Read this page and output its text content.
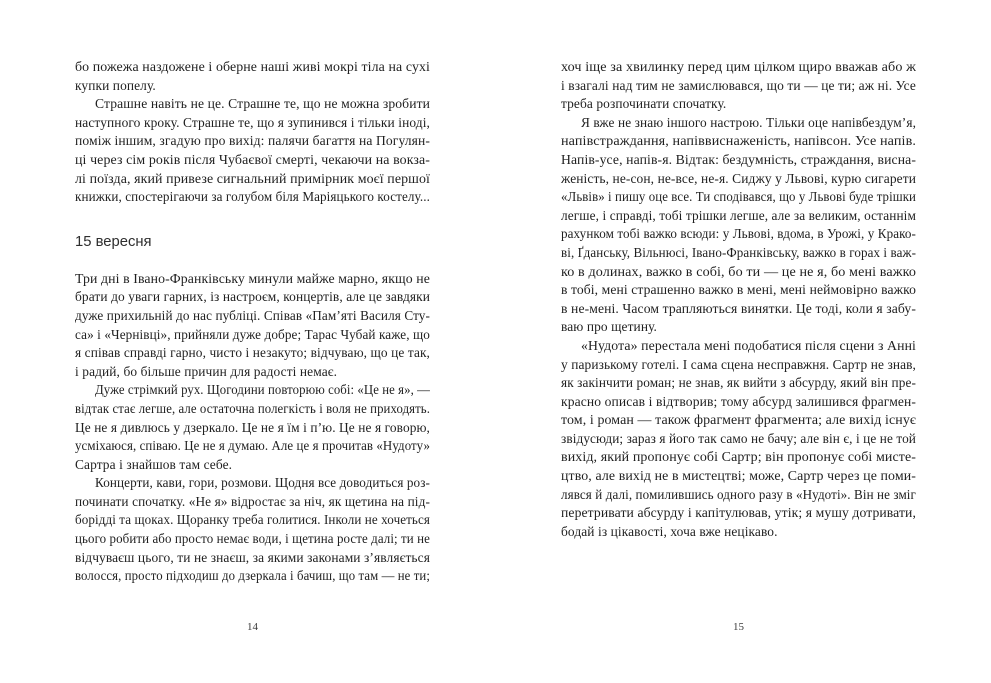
бо пожежа наздожене і оберне наші живі мокрі тіла на сухі
купки попелу.
Страшне навіть не це. Страшне те, що не можна зробити
наступного кроку. Страшне те, що я зупинився і тільки іноді,
поміж іншим, згадую про вихід: палячи багаття на Погулян-
ці через сім років після Чубаєвої смерті, чекаючи на вокза-
лі поїзда, який привезе сигнальний примірник моєї першої
книжки, спостерігаючи за голубом біля Маріяцького костелу...
15 вересня
Три дні в Івано-Франківську минули майже марно, якщо не
брати до уваги гарних, із настроєм, концертів, але це завдяки
дуже прихильній до нас публіці. Співав «Пам’яті Василя Сту-
са» і «Чернівці», прийняли дуже добре; Тарас Чубай каже, що
я співав справді гарно, чисто і незакуто; відчуваю, що це так,
і радий, бо більше причин для радості немає.
Дуже стрімкий рух. Щогодини повторюю собі: «Це не я», —
відтак стає легше, але остаточна полегкість і воля не приходять.
Це не я дивлюсь у дзеркало. Це не я їм і п’ю. Це не я говорю,
усміхаюся, співаю. Це не я думаю. Але це я прочитав «Нудоту»
Сартра і знайшов там себе.
Концерти, кави, гори, розмови. Щодня все доводиться роз-
починати спочатку. «Не я» відростає за ніч, як щетина на під-
борідді та щоках. Щоранку треба голитися. Інколи не хочеться
цього робити або просто немає води, і щетина росте далі; ти не
відчуваєш цього, ти не знаєш, за якими законами з’являється
волосся, просто підходиш до дзеркала і бачиш, що там — не ти;
хоч іще за хвилинку перед цим цілком щиро вважав або ж
і взагалі над тим не замислювався, що ти — це ти; аж ні. Усе
треба розпочинати спочатку.
Я вже не знаю іншого настрою. Тільки оце напівбездум’я,
напівстраждання, напіввиснаженість, напівсон. Усе напів.
Напів-усе, напів-я. Відтак: бездумність, страждання, висна-
женість, не-сон, не-все, не-я. Сиджу у Львові, курю сигарети
«Львів» і пишу оце все. Ти сподівався, що у Львові буде трішки
легше, і справді, тобі трішки легше, але за великим, останнім
рахунком тобі важко всюди: у Львові, вдома, в Урожі, у Крако-
ві, Ґданську, Вільнюсі, Івано-Франківську, важко в горах і важ-
ко в долинах, важко в собі, бо ти — це не я, бо мені важко
в тобі, мені страшенно важко в мені, мені неймовірно важко
в не-мені. Часом трапляються винятки. Це тоді, коли я забу-
ваю про щетину.
«Нудота» перестала мені подобатися після сцени з Анні
у паризькому готелі. І сама сцена несправжня. Сартр не знав,
як закінчити роман; не знав, як вийти з абсурду, який він пре-
красно описав і відтворив; тому абсурд залишився фрагмен-
том, і роман — також фрагмент фрагмента; але вихід існує
звідусюди; зараз я його так само не бачу; але він є, і це не той
вихід, який пропонує собі Сартр; він пропонує собі мисте-
цтво, але вихід не в мистецтві; може, Сартр через це поми-
лявся й далі, помилившись одного разу в «Нудоті». Він не зміг
перетривати абсурду і капітулював, утік; я мушу дотривати,
бодай із цікавості, хоча вже нецікаво.
14	15
